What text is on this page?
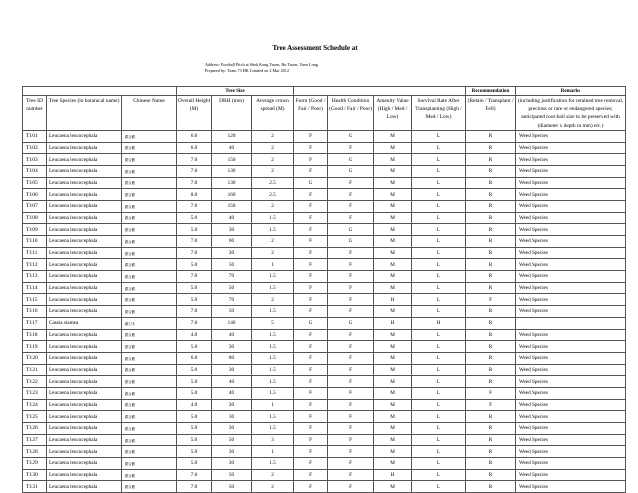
Tree Assessment Schedule at
Address: Football Pitch at Shek Kong Tsuen, Hu Tsuen, Yuen Long
Prepared by: Team 73 HK Limited on 2 Mar 2012
			Tree Size							Recommendation	Remarks
Tree ID number	Tree Species (in botanical name)	Chinese Name	Overall Height (M)	DBH (mm)	Average crown spread (M)	Form (Good / Fair / Poor)	Health Condition (Good / Fair / Poor)	Amenity Value (High / Med / Low)	Survival Rate After Transplanting (High / Med / Low)	(Retain / Transplant / Fell)	(including justification for retained tree removal, precious or rare or endangered species; anticipated root-ball size to be preserved with (diameter x depth in mm) etc.)
T101	Leucaena leucocephala	銀合歡	6.0	120	2	F	G	M	L	R	Weed Species
T102	Leucaena leucocephala	銀合歡	6.0	40	2	F	F	M	L	R	Weed Species
T103	Leucaena leucocephala	銀合歡	7.0	150	2	F	G	M	L	R	Weed Species
T104	Leucaena leucocephala	銀合歡	7.0	130	2	F	G	M	L	R	Weed Species
T105	Leucaena leucocephala	銀合歡	7.0	130	2.5	G	F	M	L	R	Weed Species
T106	Leucaena leucocephala	銀合歡	8.0	160	2.5	F	F	M	L	R	Weed Species
T107	Leucaena leucocephala	銀合歡	7.0	150	2	F	F	M	L	R	Weed Species
T108	Leucaena leucocephala	銀合歡	5.0	40	1.5	F	F	M	L	R	Weed Species
T109	Leucaena leucocephala	銀合歡	5.0	30	1.5	F	G	M	L	R	Weed Species
T110	Leucaena leucocephala	銀合歡	7.0	60	2	F	G	M	L	R	Weed Species
T111	Leucaena leucocephala	銀合歡	7.0	30	2	F	F	M	L	R	Weed Species
T112	Leucaena leucocephala	銀合歡	5.0	50	1	F	F	M	L	R	Weed Species
T113	Leucaena leucocephala	銀合歡	7.0	70	1.5	F	F	M	L	R	Weed Species
T114	Leucaena leucocephala	銀合歡	5.0	50	1.5	F	F	M	L	R	Weed Species
T115	Leucaena leucocephala	銀合歡	5.0	70	2	F	F	H	L	F	Weed Species
T116	Leucaena leucocephala	銀合歡	7.0	50	1.5	F	F	M	L	R	Weed Species
T117	Cassia siamea	鐵刀木	7.0	140	5	G	G	H	H	R	
T118	Leucaena leucocephala	銀合歡	4.0	40	1.5	F	F	M	L	R	Weed Species
T119	Leucaena leucocephala	銀合歡	5.0	30	1.5	F	F	M	L	R	Weed Species
T120	Leucaena leucocephala	銀合歡	6.0	80	1.5	F	F	M	L	R	Weed Species
T121	Leucaena leucocephala	銀合歡	5.0	30	1.5	F	F	M	L	R	Weed Species
T122	Leucaena leucocephala	銀合歡	5.0	40	1.5	F	F	M	L	R	Weed Species
T123	Leucaena leucocephala	銀合歡	5.0	40	1.5	F	F	M	L	F	Weed Species
T124	Leucaena leucocephala	銀合歡	4.0	30	1	F	F	M	L	F	Weed Species
T125	Leucaena leucocephala	銀合歡	5.0	30	1.5	F	F	M	L	R	Weed Species
T126	Leucaena leucocephala	銀合歡	5.0	30	1.5	F	F	M	L	R	Weed Species
T127	Leucaena leucocephala	銀合歡	5.0	50	3	F	F	M	L	R	Weed Species
T128	Leucaena leucocephala	銀合歡	5.0	30	1	F	F	M	L	R	Weed Species
T129	Leucaena leucocephala	銀合歡	5.0	30	1.5	F	F	M	L	R	Weed Species
T130	Leucaena leucocephala	銀合歡	7.0	50	2	F	F	H	L	R	Weed Species
T131	Leucaena leucocephala	銀合歡	7.0	50	2	F	F	M	L	R	Weed Species
